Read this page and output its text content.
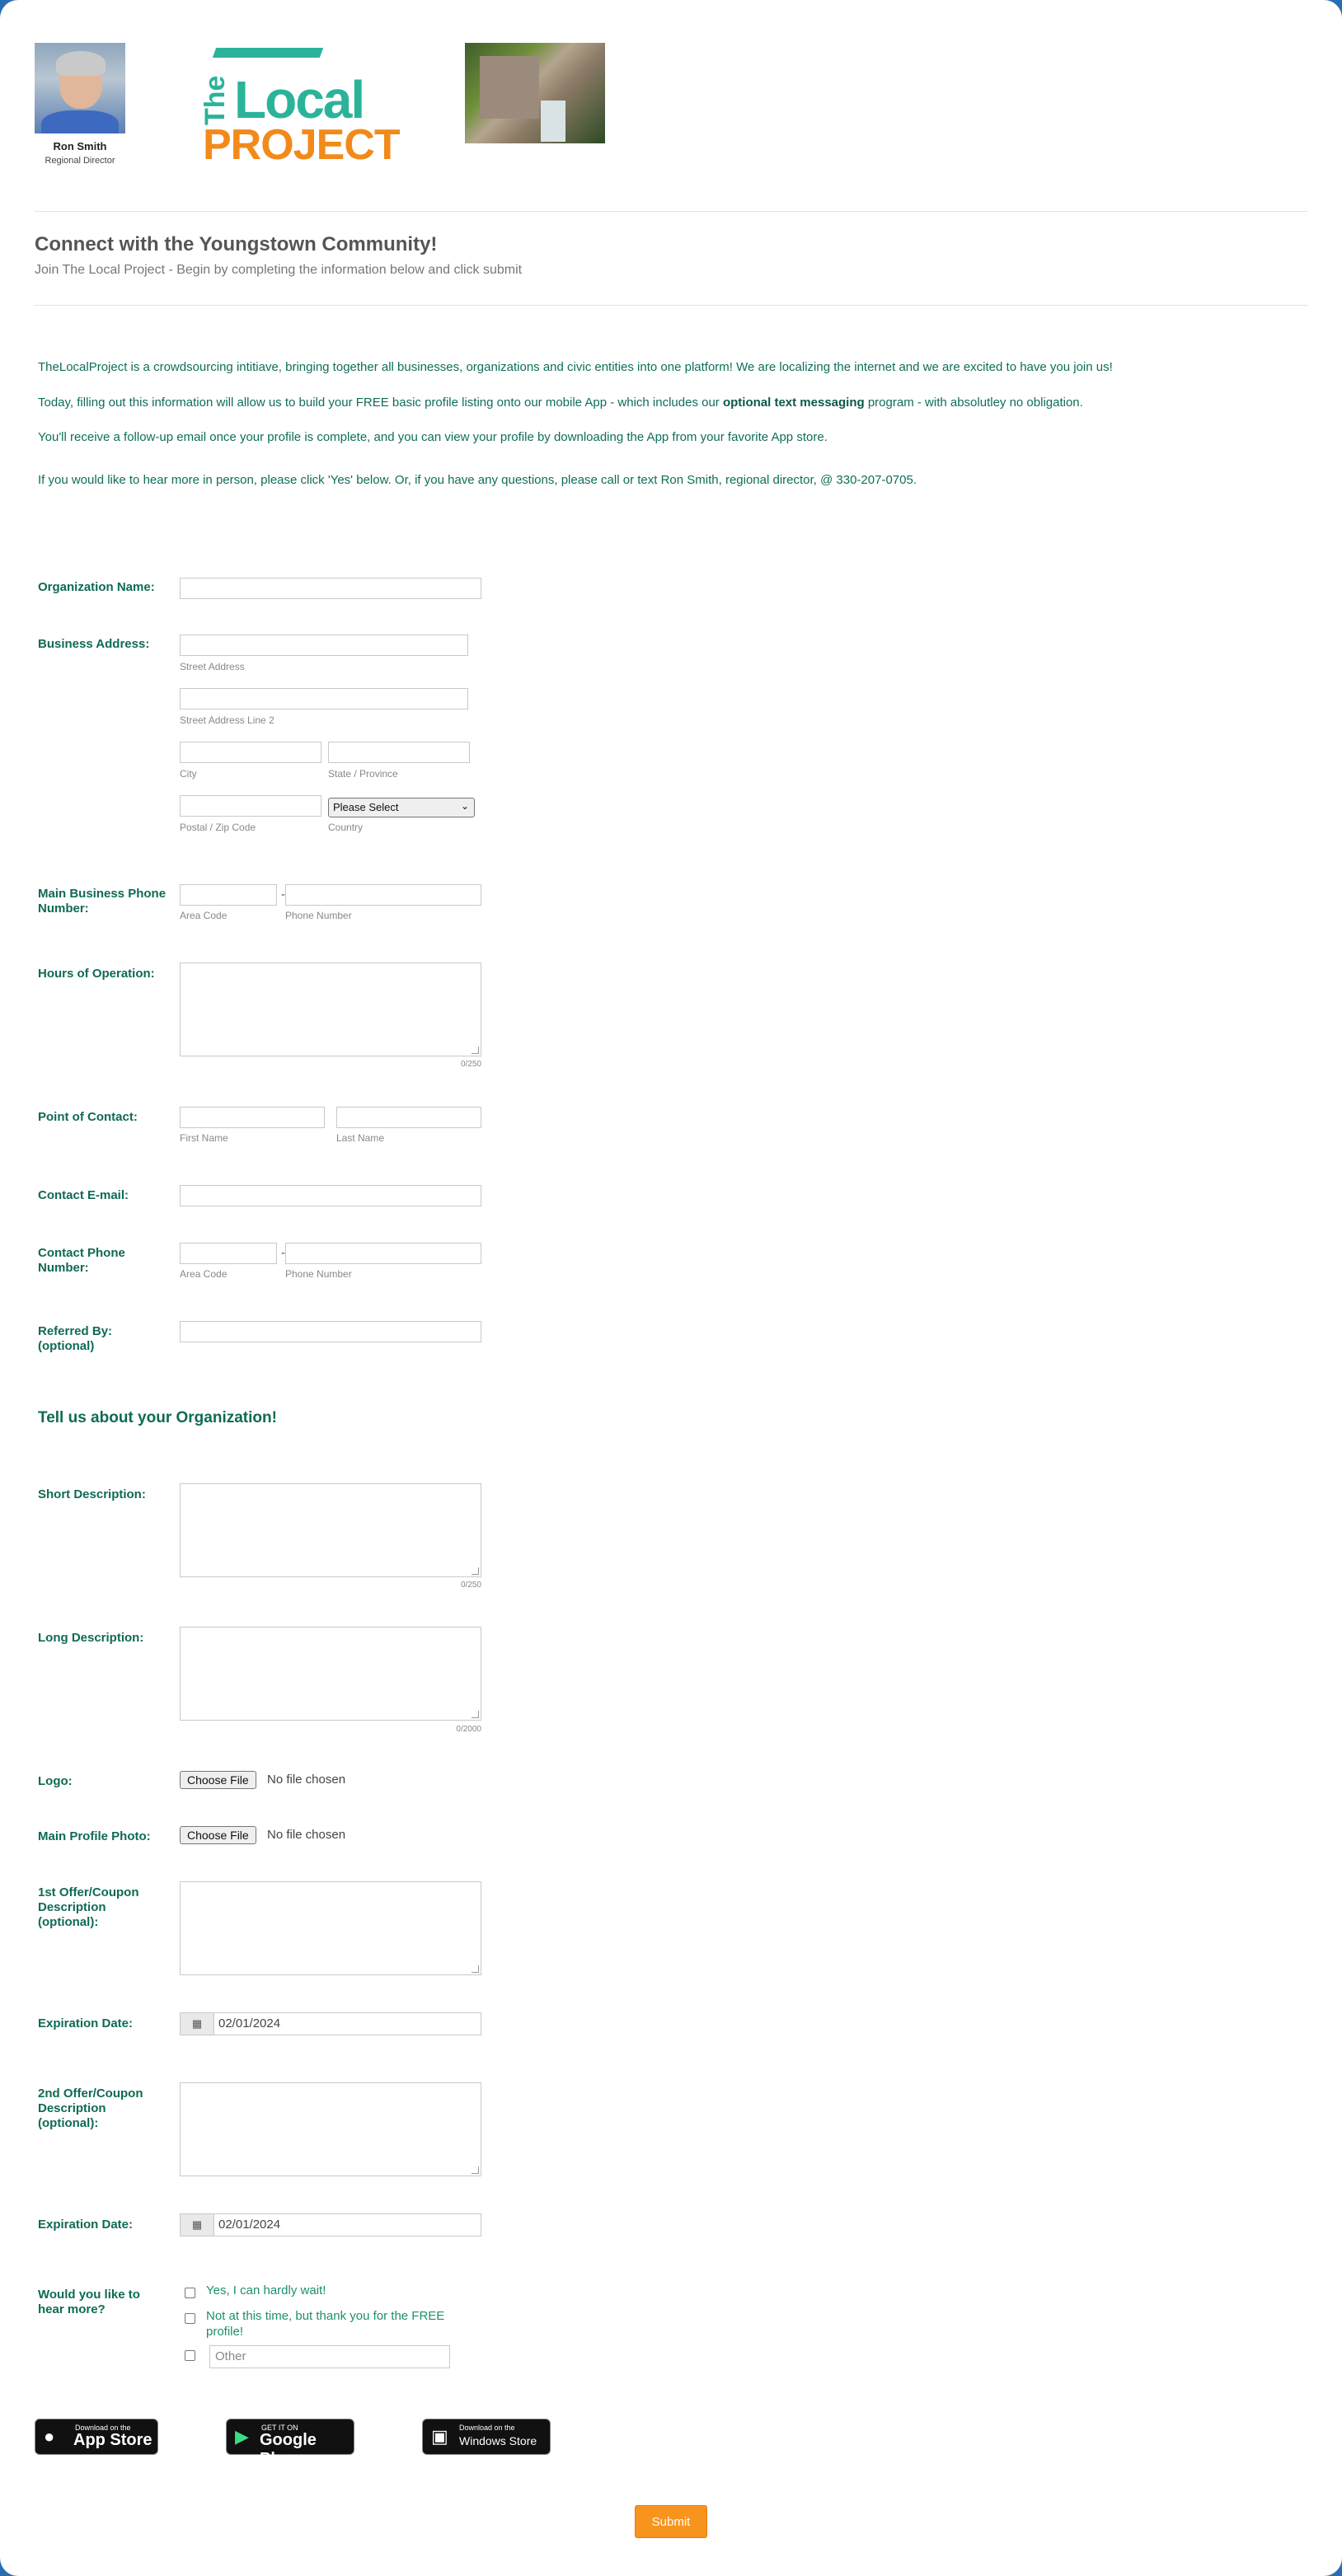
Ron Smith
Regional Director
The Local
PROJECT
Connect with the Youngstown Community!
Join The Local Project - Begin by completing the information below and click submit
TheLocalProject is a crowdsourcing intitiave, bringing together all businesses, organizations and civic entities into one platform! We are localizing the internet and we are excited to have you join us!
Today, filling out this information will allow us to build your FREE basic profile listing onto our mobile App - which includes our optional text messaging program - with absolutley no obligation.
You'll receive a follow-up email once your profile is complete, and you can view your profile by downloading the App from your favorite App store.
If you would like to hear more in person, please click 'Yes' below. Or, if you have any questions, please call or text Ron Smith, regional director, @ 330-207-0705.
Organization Name:
Business Address:
Street Address
Street Address Line 2
City	State / Province
Postal / Zip Code
Please Select	⌄
Country
Main Business Phone Number:
-
Area Code	Phone Number
Hours of Operation:
0/250
Point of Contact:
First Name	Last Name
Contact E-mail:
Contact Phone Number:
-
Area Code	Phone Number
Referred By: (optional)
Tell us about your Organization!
Short Description:
0/250
Long Description:
0/2000
Logo:	Choose File	No file chosen
Main Profile Photo:	Choose File	No file chosen
1st Offer/Coupon Description (optional):
Expiration Date:	▦	02/01/2024
2nd Offer/Coupon Description (optional):
Expiration Date:	▦	02/01/2024
Would you like to hear more?
Yes, I can hardly wait!
Not at this time, but thank you for the FREE profile!
Other
●	Download on the
App Store	▶ GET IT ON
Google Play
▣ Download on the
Windows Store
Submit
